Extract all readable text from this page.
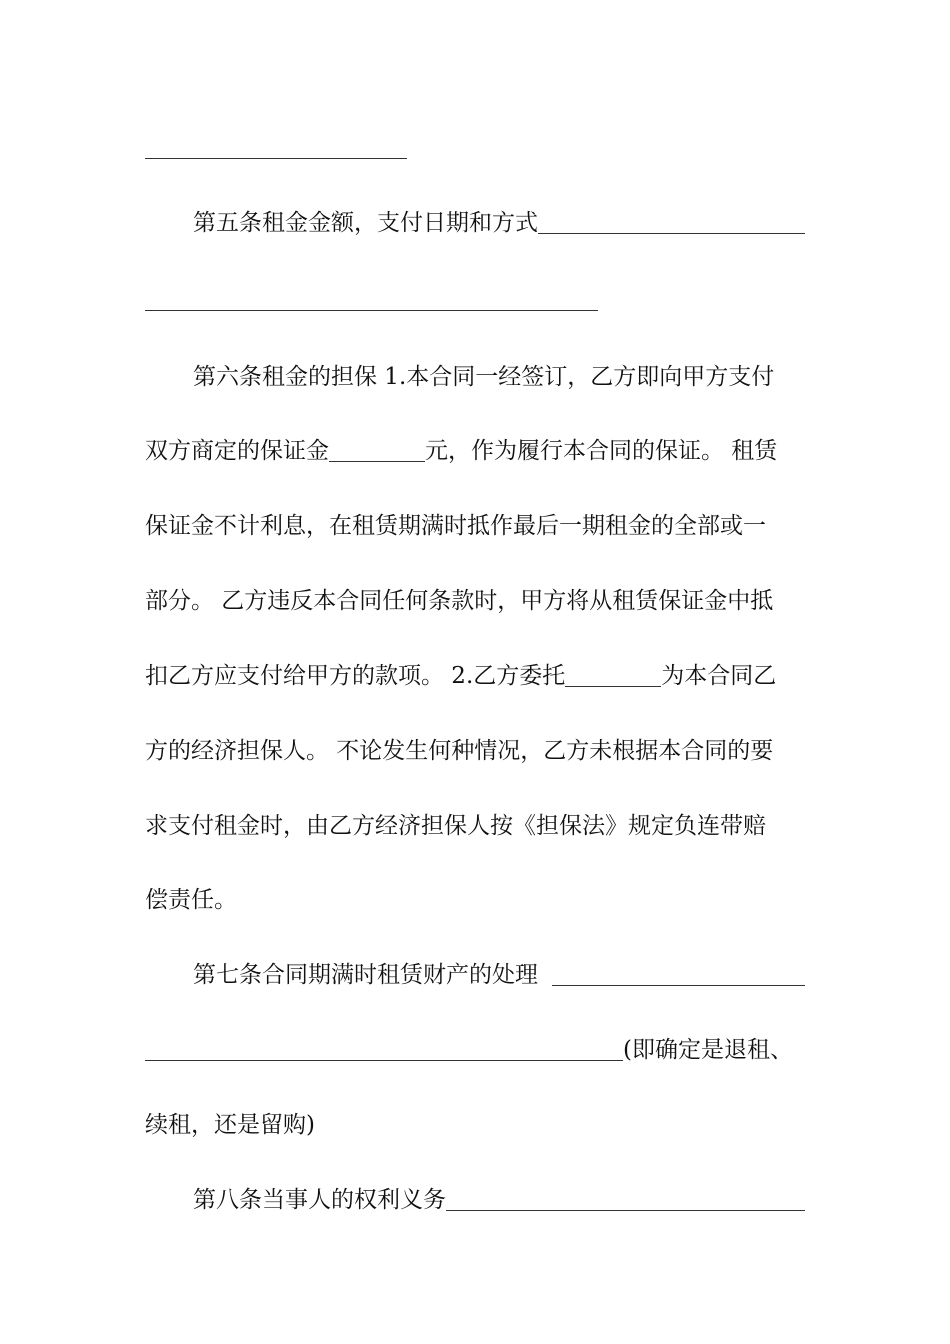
第五条租金金额，支付日期和方式
第六条租金的担保 1.本合同一经签订，乙方即向甲方支付
双方商定的保证金	元，作为履行本合同的保证。 租赁
保证金不计利息，在租赁期满时抵作最后一期租金的全部或一
部分。 乙方违反本合同任何条款时，甲方将从租赁保证金中抵
扣乙方应支付给甲方的款项。 2.乙方委托	为本合同乙
方的经济担保人。 不论发生何种情况，乙方未根据本合同的要
求支付租金时，由乙方经济担保人按《担保法》规定负连带赔
偿责任。
第七条合同期满时租赁财产的处理
(即确定是退租、
续租，还是留购)
第八条当事人的权利义务
